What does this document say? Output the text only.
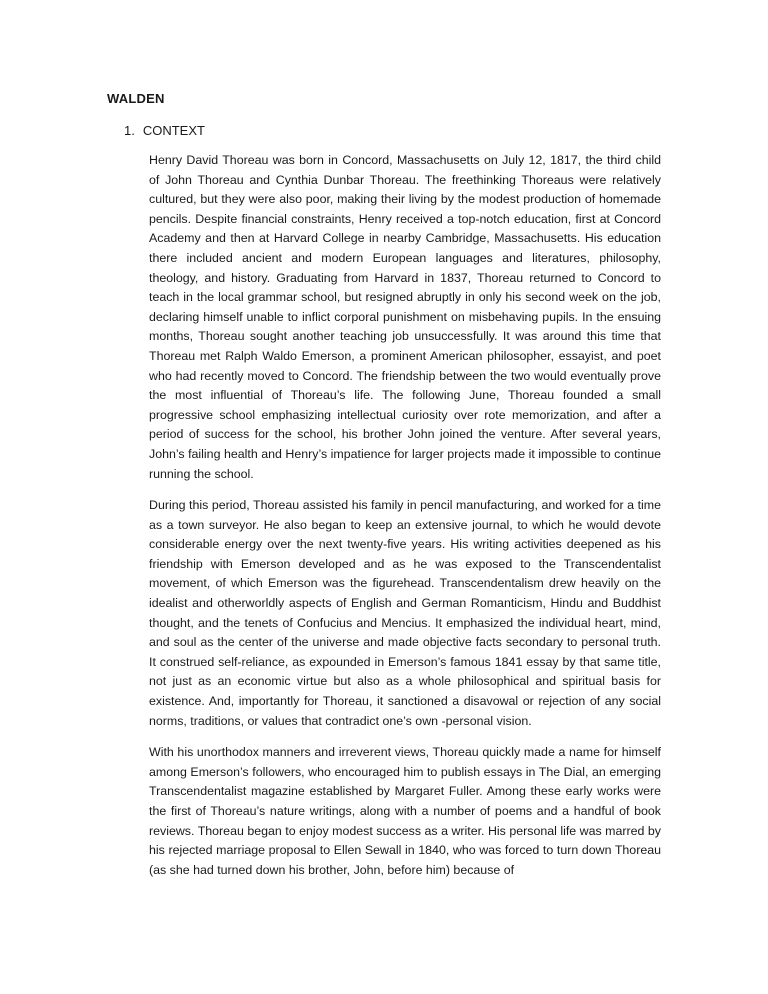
WALDEN
1. CONTEXT

Henry David Thoreau was born in Concord, Massachusetts on July 12, 1817, the third child of John Thoreau and Cynthia Dunbar Thoreau. The freethinking Thoreaus were relatively cultured, but they were also poor, making their living by the modest production of homemade pencils. Despite financial constraints, Henry received a top-notch education, first at Concord Academy and then at Harvard College in nearby Cambridge, Massachusetts. His education there included ancient and modern European languages and literatures, philosophy, theology, and history. Graduating from Harvard in 1837, Thoreau returned to Concord to teach in the local grammar school, but resigned abruptly in only his second week on the job, declaring himself unable to inflict corporal punishment on misbehaving pupils. In the ensuing months, Thoreau sought another teaching job unsuccessfully. It was around this time that Thoreau met Ralph Waldo Emerson, a prominent American philosopher, essayist, and poet who had recently moved to Concord. The friendship between the two would eventually prove the most influential of Thoreau’s life. The following June, Thoreau founded a small progressive school emphasizing intellectual curiosity over rote memorization, and after a period of success for the school, his brother John joined the venture. After several years, John’s failing health and Henry’s impatience for larger projects made it impossible to continue running the school.

During this period, Thoreau assisted his family in pencil manufacturing, and worked for a time as a town surveyor. He also began to keep an extensive journal, to which he would devote considerable energy over the next twenty-five years. His writing activities deepened as his friendship with Emerson developed and as he was exposed to the Transcendentalist movement, of which Emerson was the figurehead. Transcendentalism drew heavily on the idealist and otherworldly aspects of English and German Romanticism, Hindu and Buddhist thought, and the tenets of Confucius and Mencius. It emphasized the individual heart, mind, and soul as the center of the universe and made objective facts secondary to personal truth. It construed self-reliance, as expounded in Emerson’s famous 1841 essay by that same title, not just as an economic virtue but also as a whole philosophical and spiritual basis for existence. And, importantly for Thoreau, it sanctioned a disavowal or rejection of any social norms, traditions, or values that contradict one’s own -personal vision.

With his unorthodox manners and irreverent views, Thoreau quickly made a name for himself among Emerson’s followers, who encouraged him to publish essays in The Dial, an emerging Transcendentalist magazine established by Margaret Fuller. Among these early works were the first of Thoreau’s nature writings, along with a number of poems and a handful of book reviews. Thoreau began to enjoy modest success as a writer. His personal life was marred by his rejected marriage proposal to Ellen Sewall in 1840, who was forced to turn down Thoreau (as she had turned down his brother, John, before him) because of
